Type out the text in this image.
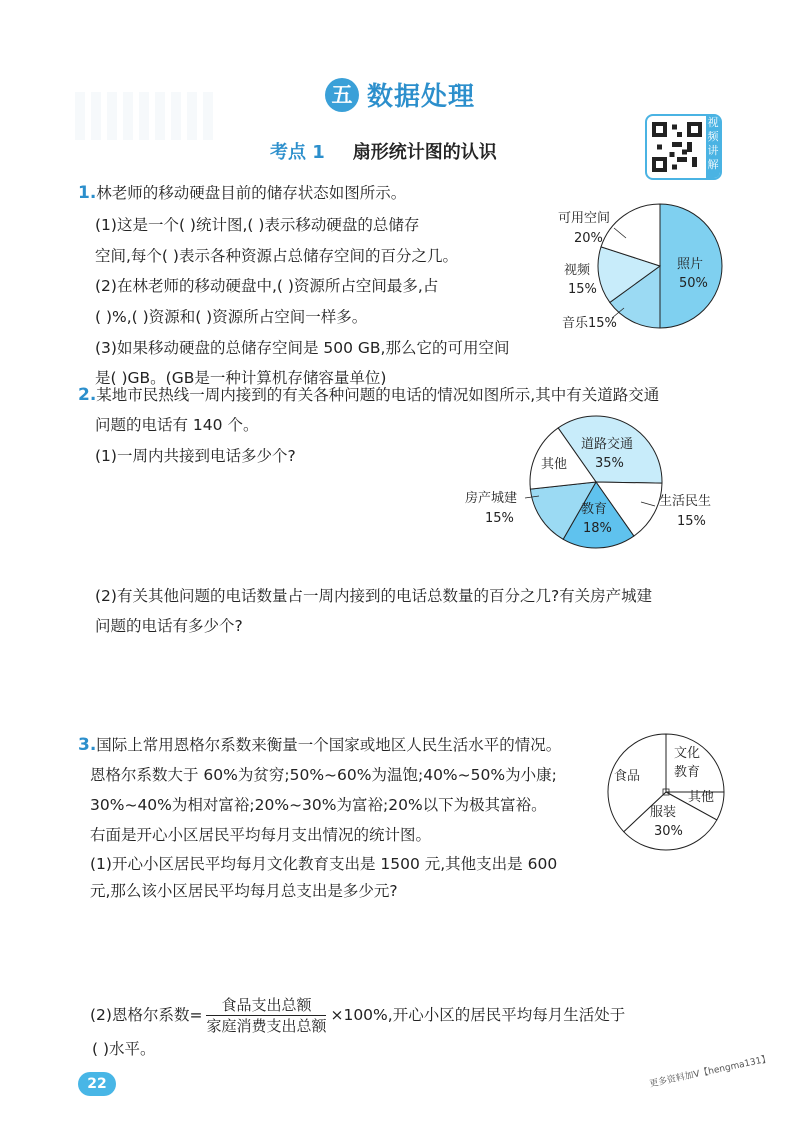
五 数据处理
考点 1 扇形统计图的认识
视频讲解
1.林老师的移动硬盘目前的储存状态如图所示。
(1)这是一个( )统计图,( )表示移动硬盘的总储存
空间,每个( )表示各种资源占总储存空间的百分之几。
(2)在林老师的移动硬盘中,( )资源所占空间最多,占
( )%,( )资源和( )资源所占空间一样多。
(3)如果移动硬盘的总储存空间是 500 GB,那么它的可用空间
是( )GB。(GB是一种计算机存储容量单位)
可用空间
20%
视频
15%
音乐15%
照片
50%
2.某地市民热线一周内接到的有关各种问题的电话的情况如图所示,其中有关道路交通
问题的电话有 140 个。
(1)一周内共接到电话多少个?
道路交通
35%
其他
房产城建
15%
教育
18%
生活民生
15%
(2)有关其他问题的电话数量占一周内接到的电话总数量的百分之几?有关房产城建
问题的电话有多少个?
3.国际上常用恩格尔系数来衡量一个国家或地区人民生活水平的情况。
恩格尔系数大于 60%为贫穷;50%~60%为温饱;40%~50%为小康;
30%~40%为相对富裕;20%~30%为富裕;20%以下为极其富裕。
右面是开心小区居民平均每月支出情况的统计图。
(1)开心小区居民平均每月文化教育支出是 1500 元,其他支出是 600
元,那么该小区居民平均每月总支出是多少元?
食品
文化
教育
其他
服装
30%
(2)恩格尔系数= $\frac{\text{食品支出总额}}{\text{家庭消费支出总额}} \times 100\%$,开心小区的居民平均每月生活处于
( )水平。
22	更多资料加V【hengma131】
